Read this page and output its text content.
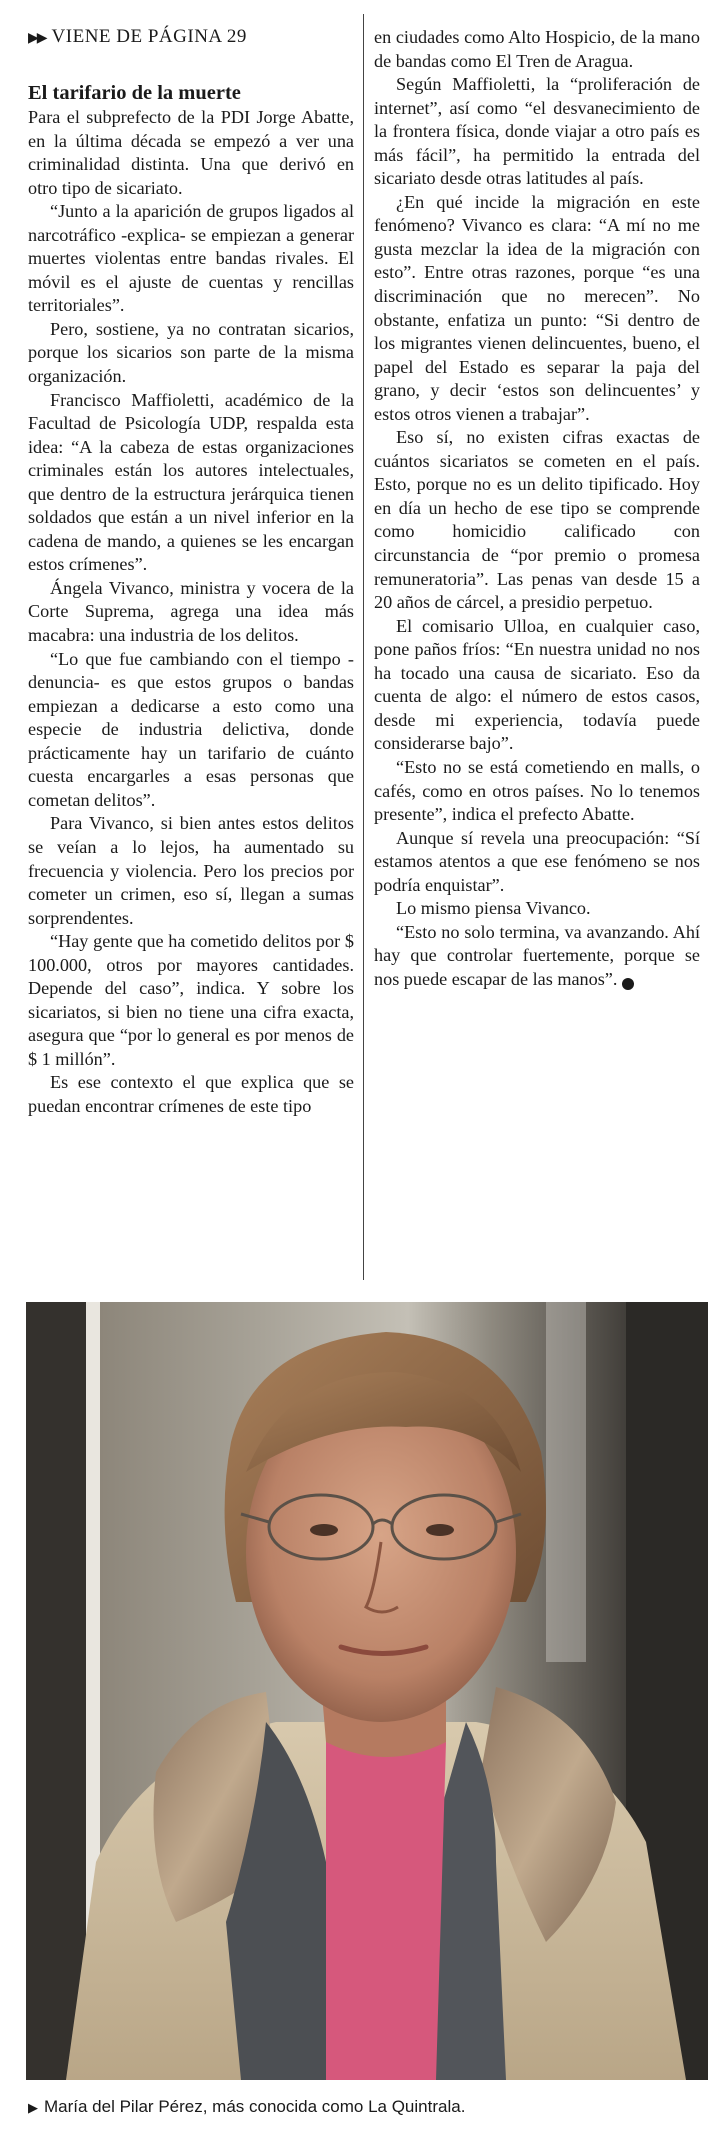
▶▶ VIENE DE PÁGINA 29

El tarifario de la muerte

Para el subprefecto de la PDI Jorge Abatte, en la última década se empezó a ver una criminalidad distinta. Una que derivó en otro tipo de sicariato.

“Junto a la aparición de grupos ligados al narcotráfico -explica- se empiezan a generar muertes violentas entre bandas rivales. El móvil es el ajuste de cuentas y rencillas territoriales”.

Pero, sostiene, ya no contratan sicarios, porque los sicarios son parte de la misma organización.

Francisco Maffioletti, académico de la Facultad de Psicología UDP, respalda esta idea: “A la cabeza de estas organizaciones criminales están los autores intelectuales, que dentro de la estructura jerárquica tienen soldados que están a un nivel inferior en la cadena de mando, a quienes se les encargan estos crímenes”.

Ángela Vivanco, ministra y vocera de la Corte Suprema, agrega una idea más macabra: una industria de los delitos.

“Lo que fue cambiando con el tiempo -denuncia- es que estos grupos o bandas empiezan a dedicarse a esto como una especie de industria delictiva, donde prácticamente hay un tarifario de cuánto cuesta encargarles a esas personas que cometan delitos”.

Para Vivanco, si bien antes estos delitos se veían a lo lejos, ha aumentado su frecuencia y violencia. Pero los precios por cometer un crimen, eso sí, llegan a sumas sorprendentes.

“Hay gente que ha cometido delitos por $ 100.000, otros por mayores cantidades. Depende del caso”, indica. Y sobre los sicariatos, si bien no tiene una cifra exacta, asegura que “por lo general es por menos de $ 1 millón”.

Es ese contexto el que explica que se puedan encontrar crímenes de este tipo

en ciudades como Alto Hospicio, de la mano de bandas como El Tren de Aragua.

Según Maffioletti, la “proliferación de internet”, así como “el desvanecimiento de la frontera física, donde viajar a otro país es más fácil”, ha permitido la entrada del sicariato desde otras latitudes al país.

¿En qué incide la migración en este fenómeno? Vivanco es clara: “A mí no me gusta mezclar la idea de la migración con esto”. Entre otras razones, porque “es una discriminación que no merecen”. No obstante, enfatiza un punto: “Si dentro de los migrantes vienen delincuentes, bueno, el papel del Estado es separar la paja del grano, y decir ‘estos son delincuentes’ y estos otros vienen a trabajar”.

Eso sí, no existen cifras exactas de cuántos sicariatos se cometen en el país. Esto, porque no es un delito tipificado. Hoy en día un hecho de ese tipo se comprende como homicidio calificado con circunstancia de “por premio o promesa remuneratoria”. Las penas van desde 15 a 20 años de cárcel, a presidio perpetuo.

El comisario Ulloa, en cualquier caso, pone paños fríos: “En nuestra unidad no nos ha tocado una causa de sicariato. Eso da cuenta de algo: el número de estos casos, desde mi experiencia, todavía puede considerarse bajo”.

“Esto no se está cometiendo en malls, o cafés, como en otros países. No lo tenemos presente”, indica el prefecto Abatte.

Aunque sí revela una preocupación: “Sí estamos atentos a que ese fenómeno se nos podría enquistar”.

Lo mismo piensa Vivanco.

“Esto no solo termina, va avanzando. Ahí hay que controlar fuertemente, porque se nos puede escapar de las manos”.	D

▶ María del Pilar Pérez, más conocida como La Quintrala.
